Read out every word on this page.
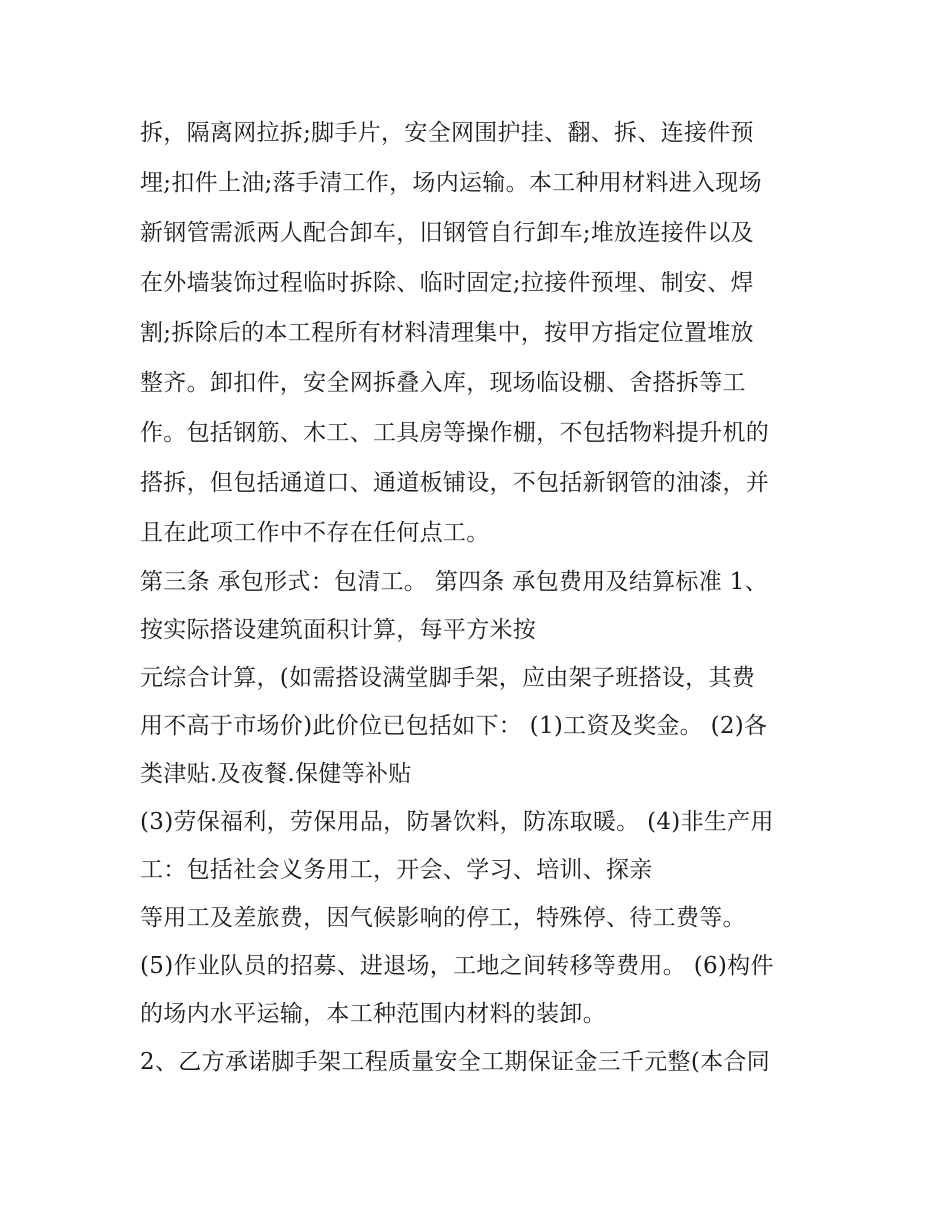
拆，隔离网拉拆;脚手片，安全网围护挂、翻、拆、连接件预
埋;扣件上油;落手清工作，场内运输。本工种用材料进入现场
新钢管需派两人配合卸车，旧钢管自行卸车;堆放连接件以及
在外墙装饰过程临时拆除、临时固定;拉接件预埋、制安、焊
割;拆除后的本工程所有材料清理集中，按甲方指定位置堆放
整齐。卸扣件，安全网拆叠入库，现场临设棚、舍搭拆等工
作。包括钢筋、木工、工具房等操作棚，不包括物料提升机的
搭拆，但包括通道口、通道板铺设，不包括新钢管的油漆，并
且在此项工作中不存在任何点工。
第三条 承包形式：包清工。 第四条 承包费用及结算标准 1、
按实际搭设建筑面积计算，每平方米按
元综合计算，(如需搭设满堂脚手架，应由架子班搭设，其费
用不高于市场价)此价位已包括如下： (1)工资及奖金。 (2)各
类津贴.及夜餐.保健等补贴
(3)劳保福利，劳保用品，防暑饮料，防冻取暖。 (4)非生产用
工：包括社会义务用工，开会、学习、培训、探亲
等用工及差旅费，因气候影响的停工，特殊停、待工费等。
(5)作业队员的招募、进退场，工地之间转移等费用。 (6)构件
的场内水平运输，本工种范围内材料的装卸。
2、乙方承诺脚手架工程质量安全工期保证金三千元整(本合同
